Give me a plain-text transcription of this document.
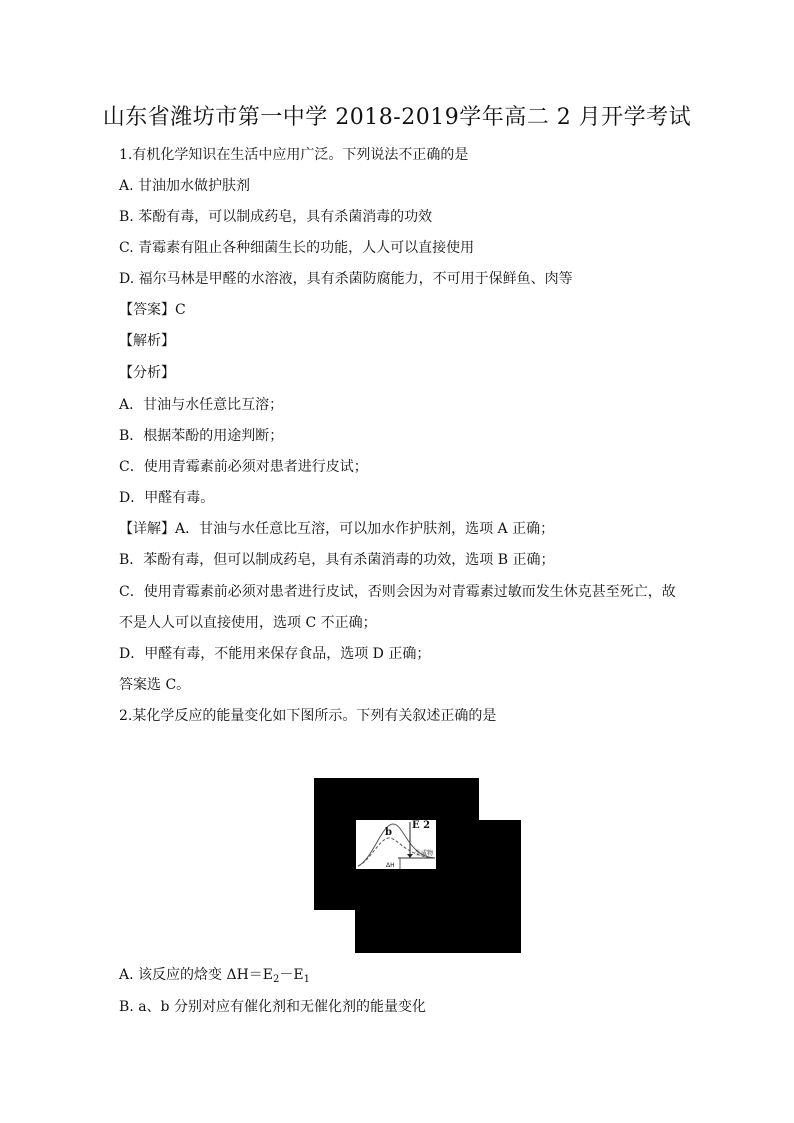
山东省潍坊市第一中学 2018-2019学年高二 2 月开学考试
1.有机化学知识在生活中应用广泛。下列说法不正确的是
A. 甘油加水做护肤剂
B. 苯酚有毒，可以制成药皂，具有杀菌消毒的功效
C. 青霉素有阻止各种细菌生长的功能，人人可以直接使用
D. 福尔马林是甲醛的水溶液，具有杀菌防腐能力，不可用于保鲜鱼、肉等
【答案】C
【解析】
【分析】
A．甘油与水任意比互溶；
B．根据苯酚的用途判断；
C．使用青霉素前必须对患者进行皮试；
D．甲醛有毒。
【详解】A．甘油与水任意比互溶，可以加水作护肤剂，选项 A 正确；
B．苯酚有毒，但可以制成药皂，具有杀菌消毒的功效，选项 B 正确；
C．使用青霉素前必须对患者进行皮试，否则会因为对青霉素过敏而发生休克甚至死亡，故
不是人人可以直接使用，选项 C 不正确；
D．甲醛有毒，不能用来保存食品，选项 D 正确；
答案选 C。
2.某化学反应的能量变化如下图所示。下列有关叙述正确的是
b
E 2
生成物
ΔH
A. 该反应的焓变 $\Delta H=E_2-E_1$
B. a、b 分别对应有催化剂和无催化剂的能量变化
